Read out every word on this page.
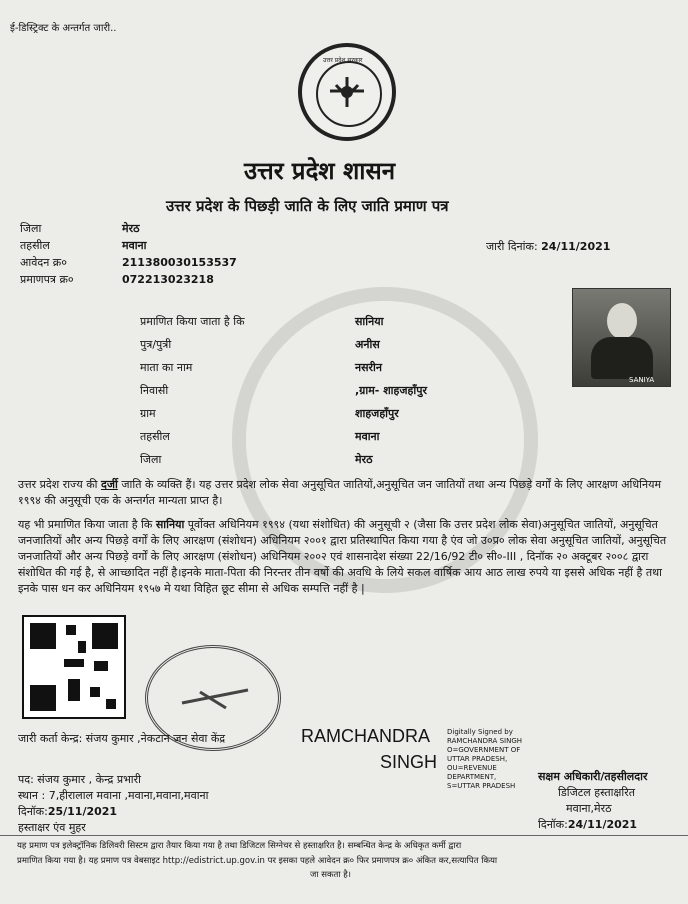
ई-डिस्ट्रिक्ट के अन्तर्गत जारी..
उत्तर प्रदेश सरकार
उत्तर प्रदेश शासन
उत्तर प्रदेश के पिछड़ी जाति के लिए जाति प्रमाण पत्र
जिला	मेरठ
तहसील	मवाना
आवेदन क्र०	211380030153537
प्रमाणपत्र क्र०	072213023218
जारी दिनांक: 24/11/2021
SANIYA
प्रमाणित किया जाता है कि	सानिया
पुत्र/पुत्री	अनीस
माता का नाम	नसरीन
निवासी	,ग्राम- शाहजहाँपुर
ग्राम	शाहजहाँपुर
तहसील	मवाना
जिला	मेरठ
उत्तर प्रदेश राज्य की दर्जी जाति के व्यक्ति हैं। यह उत्तर प्रदेश लोक सेवा अनुसूचित जातियों,अनुसूचित जन जातियों तथा अन्य पिछड़े वर्गों के लिए आरक्षण अधिनियम १९९४ की अनुसूची एक के अन्तर्गत मान्यता प्राप्त है।
यह भी प्रमाणित किया जाता है कि सानिया पूर्वोक्त अधिनियम १९९४ (यथा संशोधित) की अनुसूची २ (जैसा कि उत्तर प्रदेश लोक सेवा)अनुसूचित जातियों, अनुसूचित जनजातियों और अन्य पिछड़े वर्गों के लिए आरक्षण (संशोधन) अधिनियम २००१ द्वारा प्रतिस्थापित किया गया है एंव जो उ०प्र० लोक सेवा अनुसूचित जातियों, अनुसूचित जनजातियों और अन्य पिछड़े वर्गों के लिए आरक्षण (संशोधन) अधिनियम २००२ एवं शासनादेश संख्या 22/16/92 टी० सी०-III , दिनॉक २० अक्टूबर २००८ द्वारा संशोधित की गई है, से आच्छादित नहीं है।इनके माता-पिता की निरन्तर तीन वर्षो की अवधि के लिये सकल वार्षिक आय आठ लाख रुपये या इससे अधिक नहीं है तथा इनके पास धन कर अधिनियम १९५७ मे यथा विहित छूट सीमा से अधिक सम्पत्ति नहीं है |
जारी कर्ता केन्द्र: संजय कुमार ,नेकटान जन सेवा केंद्र	RAMCHANDRA
SINGH
Digitally Signed by RAMCHANDRA SINGH O=GOVERNMENT OF UTTAR PRADESH, OU=REVENUE DEPARTMENT, S=UTTAR PRADESH
पद: संजय कुमार , केन्द्र प्रभारी
स्थान : 7,हीरालाल मवाना ,मवाना,मवाना,मवाना
दिनॉक:25/11/2021
हस्ताक्षर एंव मुहर
सक्षम अधिकारी/तहसीलदार
डिजिटल हस्ताक्षरित
मवाना,मेरठ
दिनॉक:24/11/2021
यह प्रमाण पत्र इलेक्ट्रॉनिक डिलिवरी सिस्टम द्वारा तैयार किया गया है तथा डिजिटल सिग्नेचर से हस्ताक्षरित है। सम्बन्धित केन्द्र के अधिकृत कर्मी द्वारा
प्रमाणित किया गया है। यह प्रमाण पत्र वेबसाइट http://edistrict.up.gov.in पर इसका पहले आवेदन क्र० फिर प्रमाणपत्र क्र० अंकित कर,सत्यापित किया
जा सकता है।
